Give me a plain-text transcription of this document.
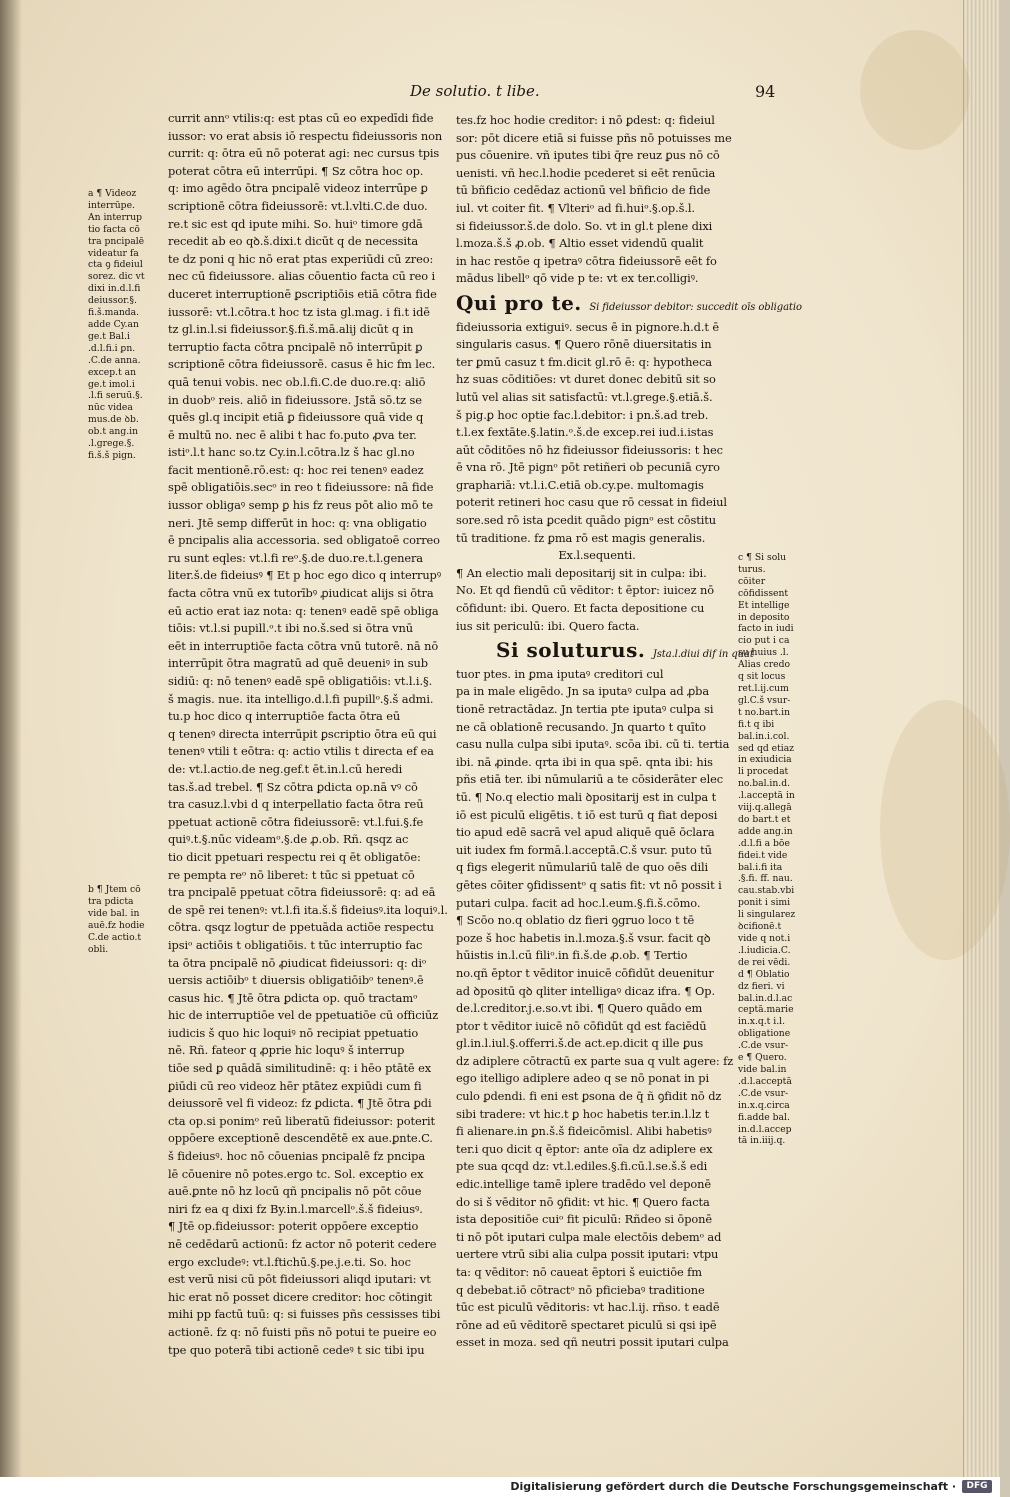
De solutio. t libe.	94

a ¶ Videoz

interrūpe.

An interrup

tio facta cō

tra pncipalē

videatur fa

cta ꝯ fideiul

sorez. dic vt

dixi in.d.l.fi

deiussor.§.

fi.š.manda.

adde Cy.an

ge.t Bal.i

.d.l.fi.i ꝑn.

.C.de anna.

excep.t an

ge.t imol.i

.l.fi seruū.§.

nūc videa

mus.de ꝺb.

ob.t ang.in

.l.grege.§.

fi.š.š pign.

b ¶ Jtem cō

tra pdicta

vide bal. in

auē.fz hodie

C.de actio.t

obli.

currit annᵒ vtilis:q: est ptas cū eo expedīdi fide

iussor: vo erat absis iō respectu fideiussoris non

currit: q: ōtra eū nō poterat agi: nec cursus tpis

poterat cōtra eū interrūpi. ¶ Sz cōtra hoc op.

q: imo agēdo ōtra pncipalē videoz interrūpe ꝑ

scriptionē cōtra fideiussorē: vt.l.vlti.C.de duo.

re.t sic est qd ipute mihi. So. huiᵒ timore gdā

recedit ab eo qꝺ.š.dixi.t dicūt q de necessita

te dz poni q hic nō erat ptas experiūdi cū zreo:

nec cū fideiussore. alias cōuentio facta cū reo i

duceret interruptionē ꝑscriptiōis etiā cōtra fide

iussorē: vt.l.cōtra.t hoc tz ista gl.mag. i fi.t idē

tz gl.in.l.si fideiussor.§.fi.š.mā.alij dicūt q in

terruptio facta cōtra pncipalē nō interrūpit ꝑ

scriptionē cōtra fideiussorē. casus ē hic fm lec.

quā tenui vobis. nec ob.l.fi.C.de duo.re.q: aliō

in duobᵒ reis. aliō in fideiussore. Jstā sō.tz se

quēs gl.q incipit etiā ꝑ fideiussore quā vide q

ē multū no. nec ē alibi t hac fo.puto ꝓva ter.

istiᵒ.l.t hanc so.tz Cy.in.l.cōtra.lz š hac gl.no

facit mentionē.rō.est: q: hoc rei tenenꝰ eadez

spē obligatiōis.secᵒ in reo t fideiussore: nā fide

iussor obligaꝰ semp ꝑ his fz reus pōt alio mō te

neri. Jtē semp differūt in hoc: q: vna obligatio

ē pncipalis alia accessoria. sed obligatoē correo

ru sunt eqles: vt.l.fi reᵒ.§.de duo.re.t.l.genera

liter.š.de fideiusꝰ ¶ Et p hoc ego dico q interrupꝰ

facta cōtra vnū ex tutorībꝰ ꝓiudicat alijs si ōtra

eū actio erat iaz nota: q: tenenꝰ eadē spē obliga

tiōis: vt.l.si pupill.ᵒ.t ibi no.š.sed si ōtra vnū

eēt in interruptiōe facta cōtra vnū tutorē. nā nō

interrūpit ōtra magratū ad quē deueniꝰ in sub

sidiū: q: nō tenenꝰ eadē spē obligatiōis: vt.l.i.§.

š magis. nue. ita intelligo.d.l.fi pupillᵒ.§.š admi.

tu.p hoc dico q interruptiōe facta ōtra eū

q tenenꝰ directa interrūpit ꝑscriptio ōtra eū qui

tenenꝰ vtili t eōtra: q: actio vtilis t directa ef ea

de: vt.l.actio.de neg.gef.t ēt.in.l.cū heredi

tas.š.ad trebel. ¶ Sz cōtra ꝑdicta op.nā vꝰ cō

tra casuz.l.vbi d q interpellatio facta ōtra reū

ppetuat actionē cōtra fideiussorē: vt.l.fui.§.fe

quiꝰ.t.§.nūc videamᵒ.§.de ꝓ.ob. Rñ. qsqz ac

tio dicit ppetuari respectu rei q ēt obligatōe:

re pempta reᵒ nō liberet: t tūc si ppetuat cō

tra pncipalē ppetuat cōtra fideiussorē: q: ad eā

de spē rei tenenꝰ: vt.l.fi ita.š.š fideiusꝰ.ita loquiꝰ.l.

cōtra. qsqz logtur de ppetuāda actiōe respectu

ipsiᵒ actiōis t obligatiōis. t tūc interruptio fac

ta ōtra pncipalē nō ꝓiudicat fideiussori: q: diᵒ

uersis actiōibᵒ t diuersis obligatiōibᵒ tenenꝰ.ē

casus hic. ¶ Jtē ōtra ꝑdicta op. quō tractamᵒ

hic de interruptiōe vel de ppetuatiōe cū officiūz

iudicis š quo hic loquiꝰ nō recipiat ppetuatio

nē. Rñ. fateor q ꝓprie hic loquꝰ š interrup

tiōe sed ꝑ quādā similitudinē: q: i hēo ptātē ex

ꝑiūdi cū reo videoz hēr ptātez expiūdi cum fi

deiussorē vel fi videoz: fz ꝑdicta. ¶ Jtē ōtra ꝑdi

cta op.si ponimᵒ reū liberatū fideiussor: poterit

oppōere exceptionē descendētē ex aue.ꝑnte.C.

š fideiusꝰ. hoc nō cōuenias pncipalē fz pncipa

lē cōuenire nō potes.ergo tc. Sol. exceptio ex

auē.ꝑnte nō hz locū qñ pncipalis nō pōt cōue

niri fz ea q dixi fz By.in.l.marcellᵒ.š.š fideiusꝰ.

¶ Jtē op.fideiussor: poterit oppōere exceptio

nē cedēdarū actionū: fz actor nō poterit cedere

ergo excludeꝰ: vt.l.ftichū.§.pe.j.e.ti. So. hoc

est verū nisi cū pōt fideiussori aliqd iputari: vt

hic erat nō posset dicere creditor: hoc cōtingit

mihi pp factū tuū: q: si fuisses pñs cessisses tibi

actionē. fz q: nō fuisti pñs nō potui te pueire eo

tpe quo poterā tibi actionē cedeꝰ t sic tibi ipu

tes.fz hoc hodie creditor: i nō ꝑdest: q: fideiul

sor: pōt dicere etiā si fuisse pñs nō potuisses me

pus cōuenire. vñ iputes tibi q̄re reuz ꝑus nō cō

uenisti. vñ hec.l.hodie pcederet si eēt renūcia

tū bñficio cedēdaz actionū vel bñficio de fide

iul. vt coiter fit. ¶ Vlteriᵒ ad fi.huiᵒ.§.op.š.l.

si fideiussor.š.de dolo. So. vt in gl.t plene dixi

l.moza.š.š ꝓ.ob. ¶ Altio esset videndū qualit

in hac restōe q ipetraꝰ cōtra fideiussorē eēt fo

mādus libellᵒ qō vide p te: vt ex ter.colligiꝰ.

Qui pro te. Si fideiussor debitor: succedit oīs obligatio

fideiussoria extiguiꝰ. secus ē in pignore.h.d.t ē

singularis casus. ¶ Quero rōnē diuersitatis in

ter ꝑmū casuz t fm.dicit gl.rō ē: q: hypotheca

hz suas cōditiōes: vt duret donec debitū sit so

lutū vel alias sit satisfactū: vt.l.grege.§.etiā.š.

š pig.ꝑ hoc optie fac.l.debitor: i pn.š.ad treb.

t.l.ex fextāte.§.latin.ᵒ.š.de excep.rei iud.i.istas

aūt cōditōes nō hz fideiussor fideiussoris: t hec

ē vna rō. Jtē pignᵒ pōt retiñeri ob pecuniā cyro

graphariā: vt.l.i.C.etiā ob.cy.pe. multomagis

poterit retineri hoc casu que rō cessat in fideiul

sore.sed rō ista ꝑcedit quādo pignᵒ est cōstitu

tū traditione. fz ꝑma rō est magis generalis.

Ex.l.sequenti.

¶ An electio mali depositarij sit in culpa: ibi.

No. Et qd fiendū cū vēditor: t ēptor: iuicez nō

cōfidunt: ibi. Quero. Et facta depositione cu

ius sit periculū: ibi. Quero facta.

Si soluturus. Jsta.l.diui dif in quat

tuor ptes. in ꝑma iputaꝰ creditori cul

pa in male eligēdo. Jn sa iputaꝰ culpa ad ꝓba

tionē retractādaz. Jn tertia pte iputaꝰ culpa si

ne cā oblationē recusando. Jn quarto t quīto

casu nulla culpa sibi iputaꝰ. scōa ibi. cū ti. tertia

ibi. nā ꝓinde. qrta ibi in qua spē. qnta ibi: his

pñs etiā ter. ibi nūmulariū a te cōsiderāter elec

tū. ¶ No.q electio mali ꝺpositarij est in culpa t

iō est piculū eligētis. t iō est turū q fiat deposi

tio apud edē sacrā vel apud aliquē quē ōclara

uit iudex fm formā.l.acceptā.C.š vsur. puto tū

q figs elegerit nūmulariū talē de quo oēs dili

gētes cōiter ꝯfidissentᵒ q satis fit: vt nō possit i

putari culpa. facit ad hoc.l.eum.§.fi.š.cōmo.

¶ Scōo no.q oblatio dz fieri ꝯgruo loco t tē

poze š hoc habetis in.l.moza.§.š vsur. facit qꝺ

hūistis in.l.cū filiᵒ.in fi.š.de ꝓ.ob. ¶ Tertio

no.qñ ēptor t vēditor inuicē cōfidūt deuenitur

ad ꝺpositū qꝺ qliter intelligaꝰ dicaz ifra. ¶ Op.

de.l.creditor.j.e.so.vt ibi. ¶ Quero quādo em

ptor t vēditor iuicē nō cōfidūt qd est faciēdū

gl.in.l.iul.§.offerri.š.de act.ep.dicit q ille ꝑus

dz adiplere cōtractū ex parte sua q vult agere: fz

ego itelligo adiplere adeo q se nō ponat in pi

culo ꝑdendi. fi eni est ꝑsona de q̄ ñ ꝯfidit nō dz

sibi tradere: vt hic.t ꝑ hoc habetis ter.in.l.lz t

fi alienare.in ꝑn.š.š fideicōmisl. Alibi habetisꝰ

ter.i quo dicit q ēptor: ante oīa dz adiplere ex

pte sua qcqd dz: vt.l.ediles.§.fi.cū.l.se.š.š edi

edic.intellige tamē iplere tradēdo vel deponē

do si š vēditor nō ꝯfidit: vt hic. ¶ Quero facta

ista depositiōe cuiᵒ fit piculū: Rñdeo si ōponē

ti nō pōt iputari culpa male electōis debemᵒ ad

uertere vtrū sibi alia culpa possit iputari: vtpu

ta: q vēditor: nō caueat ēptori š euictiōe fm

q debebat.iō cōtractᵒ nō pficiebaꝰ traditione

tūc est piculū vēditoris: vt hac.l.ij. rñso. t eadē

rōne ad eū vēditorē spectaret piculū si qsi ipē

esset in moza. sed qñ neutri possit iputari culpa

c ¶ Si solu

turus.

cōiter

cōfidissent

Et intellige

in deposito

facto in iudi

cio put i ca

su huius .l.

Alias credo

q sit locus

ret.l.ij.cum

gl.C.š vsur-

t no.bart.in

fi.t q ibi

bal.in.i.col.

sed qd etiaz

in exiudicia

li procedat

no.bal.in.d.

.l.acceptā in

viij.q.allegā

do bart.t et

adde ang.in

.d.l.fi a bōe

fidei.t vide

bal.i.fi ita

.§.fi. ff. nau.

cau.stab.vbi

ponit i simi

li singularez

ꝺcifionē.t

vide q not.i

.l.iudicia.C.

de rei vēdi.

d ¶ Oblatio

dz fieri. vi

bal.in.d.l.ac

ceptā.marie

in.x.q.t i.l.

obligatione

.C.de vsur-

e ¶ Quero.

vide bal.in

.d.l.acceptā

.C.de vsur-

in.x.q.circa

fi.adde bal.

in.d.l.accep

tā in.iiij.q.

Digitalisierung gefördert durch die Deutsche Forschungsgemeinschaft ·	DFG
